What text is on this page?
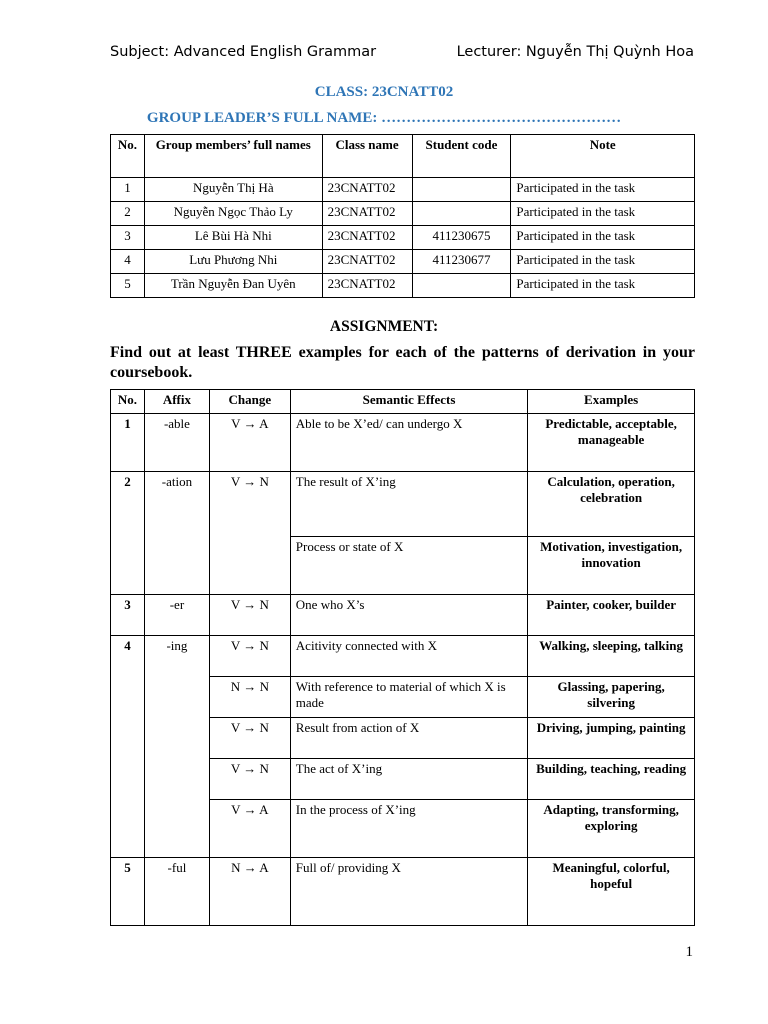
Subject: Advanced English Grammar	Lecturer: Nguyễn Thị Quỳnh Hoa
CLASS: 23CNATT02
GROUP LEADER’S FULL NAME: …………………………………………
No.	Group members’ full names	Class name	Student code	Note
1	Nguyễn Thị Hà	23CNATT02		Participated in the task
2	Nguyễn Ngọc Thảo Ly	23CNATT02		Participated in the task
3	Lê Bùi Hà Nhi	23CNATT02	411230675	Participated in the task
4	Lưu Phương Nhi	23CNATT02	411230677	Participated in the task
5	Trần Nguyễn Đan Uyên	23CNATT02		Participated in the task
ASSIGNMENT:
Find out at least THREE examples for each of the patterns of derivation in your coursebook.
No.	Affix	Change	Semantic Effects	Examples
1	-able	V → A	Able to be X’ed/ can undergo X	Predictable, acceptable, manageable
2	-ation	V → N	The result of X’ing	Calculation, operation, celebration
			Process or state of X	Motivation, investigation, innovation
3	-er	V → N	One who X’s	Painter, cooker, builder
4	-ing	V → N	Acitivity connected with X	Walking, sleeping, talking
		N → N	With reference to material of which X is made	Glassing, papering, silvering
		V → N	Result from action of X	Driving, jumping, painting
		V → N	The act of X’ing	Building, teaching, reading
		V → A	In the process of X’ing	Adapting, transforming, exploring
5	-ful	N → A	Full of/ providing X	Meaningful, colorful, hopeful
1
